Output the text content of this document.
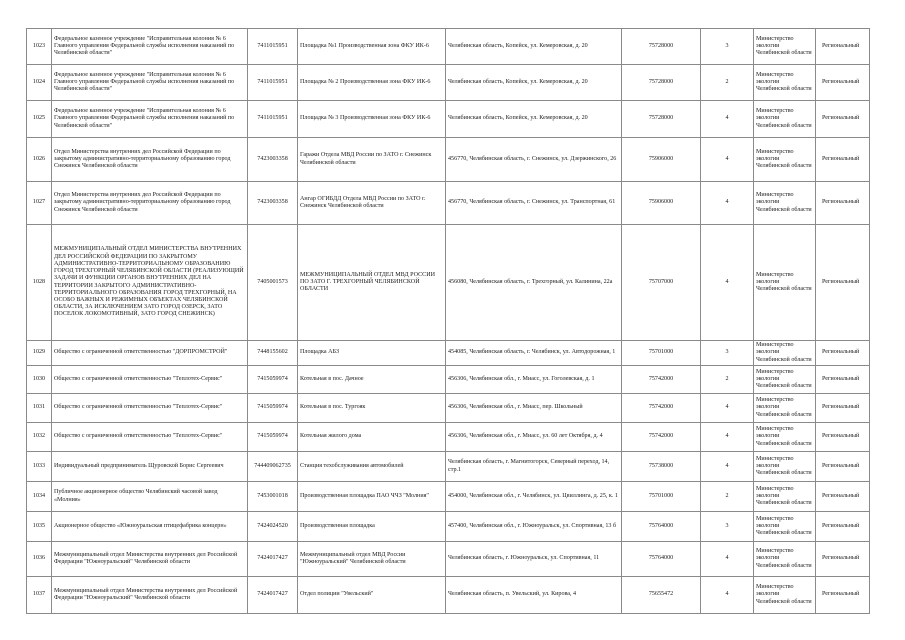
1023	Федеральное казенное учреждение "Исправительная колония № 6 Главного управления Федеральной службы исполнения наказаний по Челябинской области"	7411015951	Площадка №1 Производственная зона ФКУ ИК-6	Челябинская область, Копейск, ул. Кемеровская, д. 20	75728000	3	Министерство экологии Челябинской области	Региональный
1024	Федеральное казенное учреждение "Исправительная колония № 6 Главного управления Федеральной службы исполнения наказаний по Челябинской области"	7411015951	Площадка № 2 Производственная зона ФКУ ИК-6	Челябинская область, Копейск, ул. Кемеровская, д. 20	75728000	2	Министерство экологии Челябинской области	Региональный
1025	Федеральное казенное учреждение "Исправительная колония № 6 Главного управления Федеральной службы исполнения наказаний по Челябинской области"	7411015951	Площадка № 3 Производственная зона ФКУ ИК-6	Челябинская область, Копейск, ул. Кемеровская, д. 20	75728000	4	Министерство экологии Челябинской области	Региональный
1026	Отдел Министерства внутренних дел Российской Федерации по закрытому административно-территориальному образованию город Снежинск Челябинской области	7423003358	Гаражи Отдела МВД России по ЗАТО г. Снежинск Челябинской области	456770, Челябинская область, г. Снежинск, ул. Дзержинского, 26	75906000	4	Министерство экологии Челябинской области	Региональный
1027	Отдел Министерства внутренних дел Российской Федерации по закрытому административно-территориальному образованию город Снежинск Челябинской области	7423003358	Ангар ОГИБДД Отдела МВД России по ЗАТО г. Снежинск Челябинской области	456770, Челябинская область, г. Снежинск, ул. Транспортная, 61	75906000	4	Министерство экологии Челябинской области	Региональный
1028	МЕЖМУНИЦИПАЛЬНЫЙ ОТДЕЛ МИНИСТЕРСТВА ВНУТРЕННИХ ДЕЛ РОССИЙСКОЙ ФЕДЕРАЦИИ ПО ЗАКРЫТОМУ АДМИНИСТРАТИВНО-ТЕРРИТОРИАЛЬНОМУ ОБРАЗОВАНИЮ ГОРОД ТРЕХГОРНЫЙ ЧЕЛЯБИНСКОЙ ОБЛАСТИ (РЕАЛИЗУЮЩИЙ ЗАДАЧИ И ФУНКЦИИ ОРГАНОВ ВНУТРЕННИХ ДЕЛ НА ТЕРРИТОРИИ ЗАКРЫТОГО АДМИНИСТРАТИВНО-ТЕРРИТОРИАЛЬНОГО ОБРАЗОВАНИЯ ГОРОД ТРЕХГОРНЫЙ, НА ОСОБО ВАЖНЫХ И РЕЖИМНЫХ ОБЪЕКТАХ ЧЕЛЯБИНСКОЙ ОБЛАСТИ, ЗА ИСКЛЮЧЕНИЕМ ЗАТО ГОРОД ОЗЕРСК, ЗАТО ПОСЕЛОК ЛОКОМОТИВНЫЙ, ЗАТО ГОРОД СНЕЖИНСК)	7405001573	МЕЖМУНИЦИПАЛЬНЫЙ ОТДЕЛ МВД РОССИИ ПО ЗАТО Г. ТРЕХГОРНЫЙ ЧЕЛЯБИНСКОЙ ОБЛАСТИ	456080, Челябинская область, г. Трехгорный, ул. Калинина, 22а	75707000	4	Министерство экологии Челябинской области	Региональный
1029	Общество с ограниченной ответственностью "ДОРПРОМСТРОЙ"	7448155602	Площадка АБЗ	454085, Челябинская область, г. Челябинск, ул. Автодорожная, 1	75701000	3	Министерство экологии Челябинской области	Региональный
1030	Общество с ограниченной ответственностью "Теплотех-Сервис"	7415059974	Котельная в пос. Дачное	456306, Челябинская обл., г. Миасс, ул. Гоголевская, д. 1	75742000	2	Министерство экологии Челябинской области	Региональный
1031	Общество с ограниченной ответственностью "Теплотех-Сервис"	7415059974	Котельная в пос. Тургояк	456306, Челябинская обл., г. Миасс, пер. Школьный	75742000	4	Министерство экологии Челябинской области	Региональный
1032	Общество с ограниченной ответственностью "Теплотех-Сервис"	7415059974	Котельная жилого дома	456306, Челябинская обл., г. Миасс, ул. 60 лет Октября, д. 4	75742000	4	Министерство экологии Челябинской области	Региональный
1033	Индивидуальный предприниматель Щуровской Борис Сергеевич	744409062735	Станция техобслуживания автомобилей	Челябинская область, г. Магнитогорск, Северный переход, 14, стр.1	75738000	4	Министерство экологии Челябинской области	Региональный
1034	Публичное акционерное общество Челябинский часовой завод «Молния»	7453001018	Производственная площадка ПАО ЧЧЗ "Молния"	454000, Челябинская обл., г. Челябинск, ул. Цвиллинга, д. 25, к. 1	75701000	2	Министерство экологии Челябинской области	Региональный
1035	Акционерное общество «Южноуральская птицефабрика концерн»	7424024520	Производственная площадка	457400, Челябинская обл., г. Южноуральск, ул. Спортивная, 13 б	75764000	3	Министерство экологии Челябинской области	Региональный
1036	Межмуниципальный отдел Министерства внутренних дел Российской Федерации "Южноуральский" Челябинской области	7424017427	Межмуниципальный отдел МВД России "Южноуральский" Челябинской области	Челябинская область, г. Южноуральск, ул. Спортивная, 11	75764000	4	Министерство экологии Челябинской области	Региональный
1037	Межмуниципальный отдел Министерства внутренних дел Российской Федерации "Южноуральский" Челябинской области	7424017427	Отдел полиции "Увельский"	Челябинская область, п. Увельский, ул. Кирова, 4	75655472	4	Министерство экологии Челябинской области	Региональный
